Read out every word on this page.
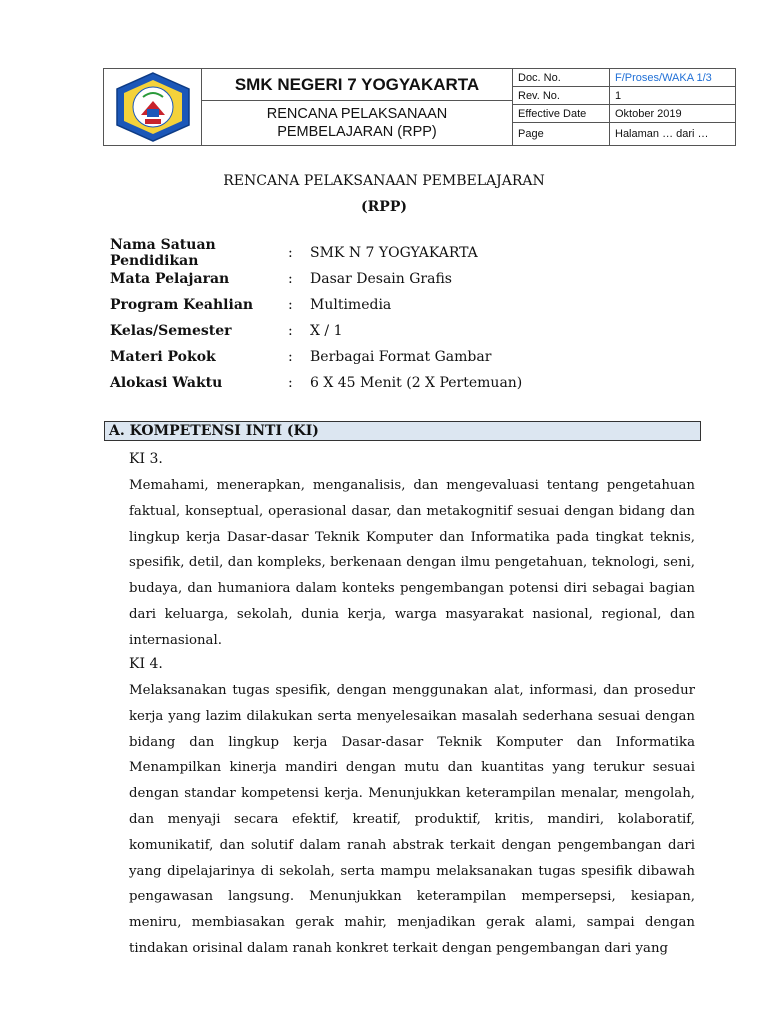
SMK NEGERI 7 YOGYAKARTA
RENCANA PELAKSANAAN
PEMBELAJARAN (RPP)
Doc. No.	F/Proses/WAKA 1/3
Rev. No.	1
Effective Date	Oktober 2019
Page	Halaman … dari …
RENCANA PELAKSANAAN PEMBELAJARAN
(RPP)
Nama Satuan Pendidikan	:	SMK N 7 YOGYAKARTA
Mata Pelajaran	:	Dasar Desain Grafis
Program Keahlian	:	Multimedia
Kelas/Semester	:	X / 1
Materi Pokok	:	Berbagai Format Gambar
Alokasi Waktu	:	6 X 45 Menit (2 X Pertemuan)
A. KOMPETENSI INTI (KI)
KI 3.

Memahami, menerapkan, menganalisis, dan mengevaluasi tentang pengetahuan faktual, konseptual, operasional dasar, dan metakognitif sesuai dengan bidang dan lingkup kerja Dasar-dasar Teknik Komputer dan Informatika pada tingkat teknis, spesifik, detil, dan kompleks, berkenaan dengan ilmu pengetahuan, teknologi, seni, budaya, dan humaniora dalam konteks pengembangan potensi diri sebagai bagian dari keluarga, sekolah, dunia kerja, warga masyarakat nasional, regional, dan internasional.

KI 4.

Melaksanakan tugas spesifik, dengan menggunakan alat, informasi, dan prosedur kerja yang lazim dilakukan serta menyelesaikan masalah sederhana sesuai dengan bidang dan lingkup kerja Dasar-dasar Teknik Komputer dan Informatika Menampilkan kinerja mandiri dengan mutu dan kuantitas yang terukur sesuai dengan standar kompetensi kerja. Menunjukkan keterampilan menalar, mengolah, dan menyaji secara efektif, kreatif, produktif, kritis, mandiri, kolaboratif, komunikatif, dan solutif dalam ranah abstrak terkait dengan pengembangan dari yang dipelajarinya di sekolah, serta mampu melaksanakan tugas spesifik dibawah pengawasan langsung. Menunjukkan keterampilan mempersepsi, kesiapan, meniru, membiasakan gerak mahir, menjadikan gerak alami, sampai dengan tindakan orisinal dalam ranah konkret terkait dengan pengembangan dari yang
